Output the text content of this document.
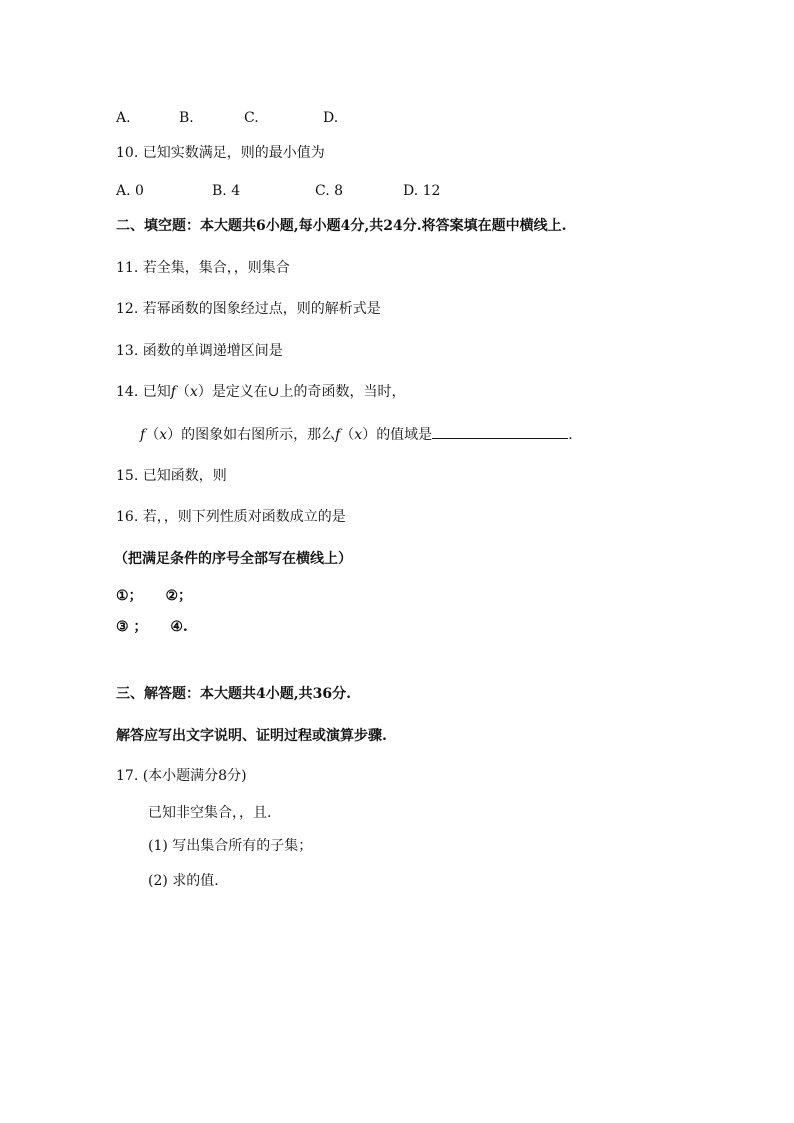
A.	B.	C.	D.
10. 已知实数满足，则的最小值为
A. 0	B. 4	C. 8	D. 12
二、填空题：本大题共6小题,每小题4分,共24分.将答案填在题中横线上.
11. 若全集，集合，，则集合
12. 若幂函数的图象经过点，则的解析式是
13. 函数的单调递增区间是
14. 已知f（x）是定义在∪上的奇函数，当时，
f（x）的图象如右图所示，那么f（x）的值域是	.
15. 已知函数，则
16. 若，，则下列性质对函数成立的是
（把满足条件的序号全部写在横线上）
①； ②；
③ ； ④.
三、解答题：本大题共4小题,共36分.
解答应写出文字说明、证明过程或演算步骤.
17. (本小题满分8分)
已知非空集合，，且.
(1) 写出集合所有的子集；
(2) 求的值.
